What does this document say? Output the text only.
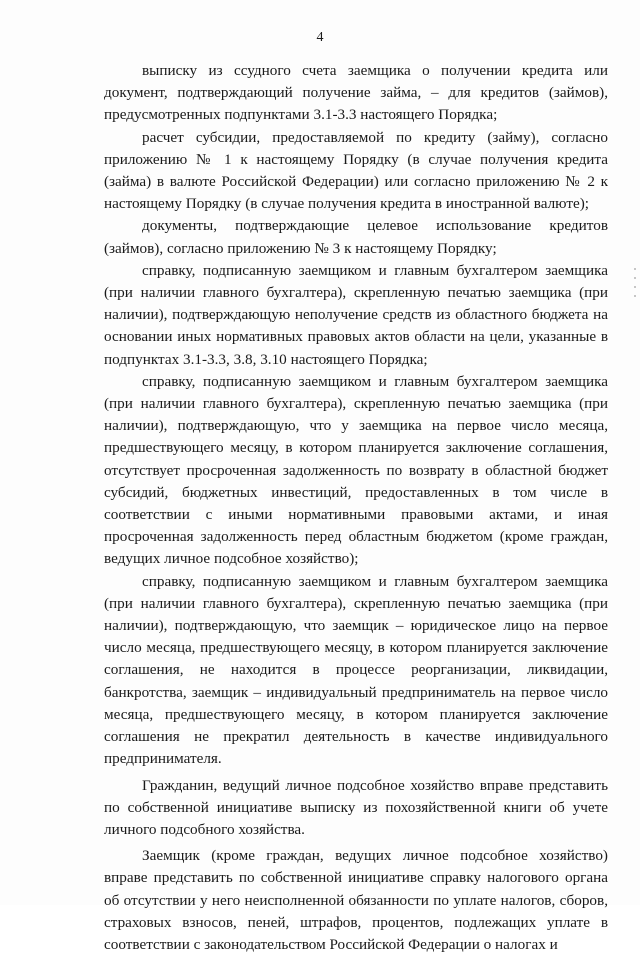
4

выписку из ссудного счета заемщика о получении кредита или документ, подтверждающий получение займа, – для кредитов (займов), предусмотренных подпунктами 3.1-3.3 настоящего Порядка;

расчет субсидии, предоставляемой по кредиту (займу), согласно приложению № 1 к настоящему Порядку (в случае получения кредита (займа) в валюте Российской Федерации) или согласно приложению № 2 к настоящему Порядку (в случае получения кредита в иностранной валюте);

документы, подтверждающие целевое использование кредитов (займов), согласно приложению № 3 к настоящему Порядку;

справку, подписанную заемщиком и главным бухгалтером заемщика (при наличии главного бухгалтера), скрепленную печатью заемщика (при наличии), подтверждающую неполучение средств из областного бюджета на основании иных нормативных правовых актов области на цели, указанные в подпунктах 3.1-3.3, 3.8, 3.10 настоящего Порядка;

справку, подписанную заемщиком и главным бухгалтером заемщика (при наличии главного бухгалтера), скрепленную печатью заемщика (при наличии), подтверждающую, что у заемщика на первое число месяца, предшествующего месяцу, в котором планируется заключение соглашения, отсутствует просроченная задолженность по возврату в областной бюджет субсидий, бюджетных инвестиций, предоставленных в том числе в соответствии с иными нормативными правовыми актами, и иная просроченная задолженность перед областным бюджетом (кроме граждан, ведущих личное подсобное хозяйство);

справку, подписанную заемщиком и главным бухгалтером заемщика (при наличии главного бухгалтера), скрепленную печатью заемщика (при наличии), подтверждающую, что заемщик – юридическое лицо на первое число месяца, предшествующего месяцу, в котором планируется заключение соглашения, не находится в процессе реорганизации, ликвидации, банкротства, заемщик – индивидуальный предприниматель на первое число месяца, предшествующего месяцу, в котором планируется заключение соглашения не прекратил деятельность в качестве индивидуального предпринимателя.

Гражданин, ведущий личное подсобное хозяйство вправе представить по собственной инициативе выписку из похозяйственной книги об учете личного подсобного хозяйства.

Заемщик (кроме граждан, ведущих личное подсобное хозяйство) вправе представить по собственной инициативе справку налогового органа об отсутствии у него неисполненной обязанности по уплате налогов, сборов, страховых взносов, пеней, штрафов, процентов, подлежащих уплате в соответствии с законодательством Российской Федерации о налогах и
